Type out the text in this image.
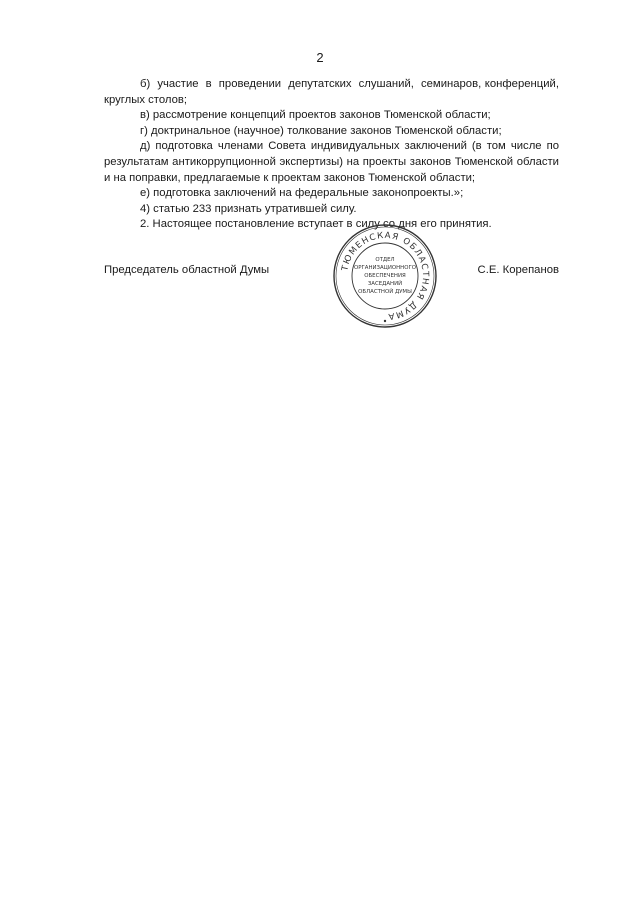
2

б)  участие  в  проведении  депутатских  слушаний,  семинаров, конференций, круглых столов;

в) рассмотрение концепций проектов законов Тюменской области;

г) доктринальное (научное) толкование законов Тюменской области;

д) подготовка членами Совета индивидуальных заключений (в том числе по результатам антикоррупционной экспертизы) на проекты законов Тюменской области и на поправки, предлагаемые к проектам законов Тюменской области;

е) подготовка заключений на федеральные законопроекты.»;

4) статью 233 признать утратившей силу.

2. Настоящее постановление вступает в силу со дня его принятия.

Председатель областной Думы	С.Е. Корепанов
ТЮМЕНСКАЯ ОБЛАСТНАЯ ДУМА
ОТДЕЛ
ОРГАНИЗАЦИОННОГО
ОБЕСПЕЧЕНИЯ
ЗАСЕДАНИЙ
ОБЛАСТНОЙ ДУМЫ
